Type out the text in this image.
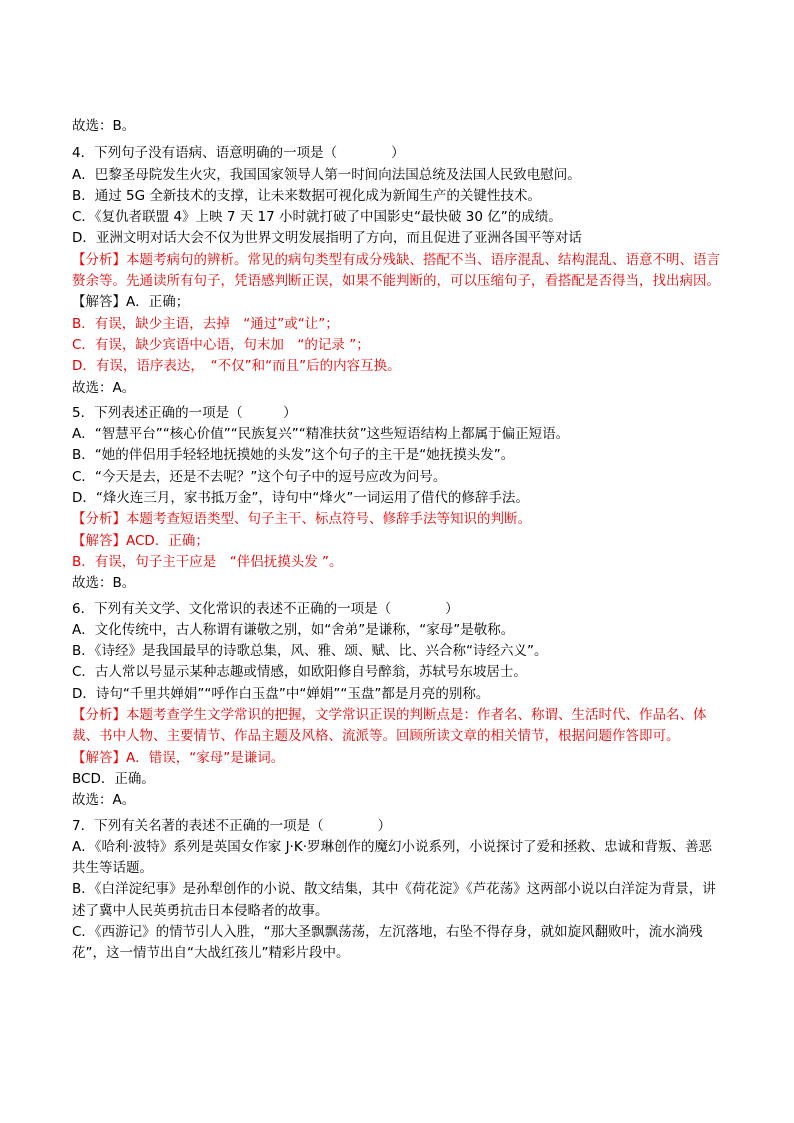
故选：B。
4．下列句子没有语病、语意明确的一项是（　　　　）
A．巴黎圣母院发生火灾，我国国家领导人第一时间向法国总统及法国人民致电慰问。
B．通过 5G 全新技术的支撑，让未来数据可视化成为新闻生产的关键性技术。
C．《复仇者联盟 4》上映 7 天 17 小时就打破了中国影史“最快破 30 亿”的成绩。
D．亚洲文明对话大会不仅为世界文明发展指明了方向，而且促进了亚洲各国平等对话
【分析】本题考病句的辨析。常见的病句类型有成分残缺、搭配不当、语序混乱、结构混乱、语意不明、语言赘余等。先通读所有句子，凭语感判断正误，如果不能判断的，可以压缩句子，看搭配是否得当，找出病因。
【解答】A．正确；
B．有误，缺少主语，去掉　“通过”或“让”；
C．有误，缺少宾语中心语，句末加　“的记录 ”；
D．有误，语序表达，　“不仅”和“而且”后的内容互换。
故选：A。
5．下列表述正确的一项是（　　　）
A．“智慧平台”“核心价值”“民族复兴”“精准扶贫”这些短语结构上都属于偏正短语。
B．“她的伴侣用手轻轻地抚摸她的头发”这个句子的主干是“她抚摸头发”。
C．“今天是去，还是不去呢？”这个句子中的逗号应改为问号。
D．“烽火连三月，家书抵万金”，诗句中“烽火”一词运用了借代的修辞手法。
【分析】本题考查短语类型、句子主干、标点符号、修辞手法等知识的判断。
【解答】ACD．正确；
B．有误，句子主干应是　“伴侣抚摸头发 ”。
故选：B。
6．下列有关文学、文化常识的表述不正确的一项是（　　　　）
A．文化传统中，古人称谓有谦敬之别，如“舍弟”是谦称，“家母”是敬称。
B．《诗经》是我国最早的诗歌总集，风、雅、颂、赋、比、兴合称“诗经六义”。
C．古人常以号显示某种志趣或情感，如欧阳修自号醉翁，苏轼号东坡居士。
D．诗句“千里共婵娟”“呼作白玉盘”中“婵娟”“玉盘”都是月亮的别称。
【分析】本题考查学生文学常识的把握，文学常识正误的判断点是：作者名、称谓、生活时代、作品名、体裁、书中人物、主要情节、作品主题及风格、流派等。回顾所读文章的相关情节，根据问题作答即可。
【解答】A．错误，“家母”是谦词。
BCD．正确。
故选：A。
7．下列有关名著的表述不正确的一项是（　　　　）
A．《哈利·波特》系列是英国女作家 J·K·罗琳创作的魔幻小说系列，小说探讨了爱和拯救、忠诚和背叛、善恶共生等话题。
B．《白洋淀纪事》是孙犁创作的小说、散文结集，其中《荷花淀》《芦花荡》这两部小说以白洋淀为背景，讲述了冀中人民英勇抗击日本侵略者的故事。
C．《西游记》的情节引人入胜，“那大圣飘飘荡荡，左沉落地，右坠不得存身，就如旋风翻败叶，流水淌残花”，这一情节出自“大战红孩儿”精彩片段中。
